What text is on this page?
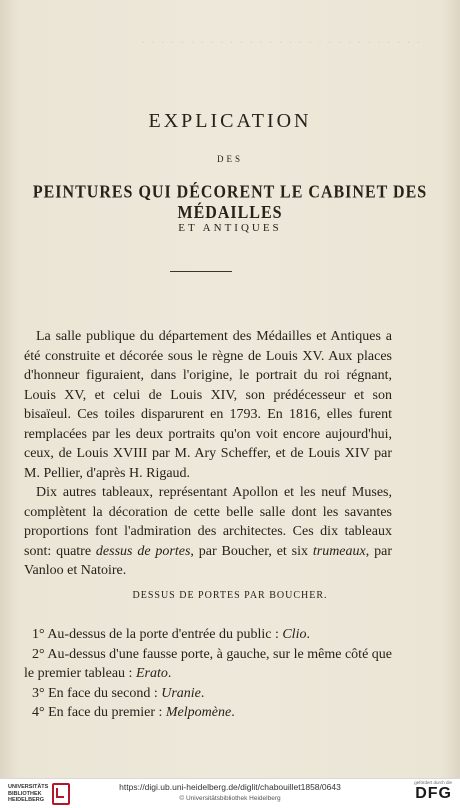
· · · · · · · · · · · · · · · · · · · · · · · · · · · · ·
EXPLICATION
DES
PEINTURES QUI DÉCORENT LE CABINET DES MÉDAILLES
ET ANTIQUES

La salle publique du département des Médailles et Antiques a été construite et décorée sous le règne de Louis XV. Aux places d'honneur figuraient, dans l'origine, le portrait du roi régnant, Louis XV, et celui de Louis XIV, son prédécesseur et son bisaïeul. Ces toiles disparurent en 1793. En 1816, elles furent remplacées par les deux portraits qu'on voit encore aujourd'hui, ceux, de Louis XVIII par M. Ary Scheffer, et de Louis XIV par M. Pellier, d'après H. Rigaud.

Dix autres tableaux, représentant Apollon et les neuf Muses, complètent la décoration de cette belle salle dont les savantes proportions font l'admiration des architectes. Ces dix tableaux sont: quatre dessus de portes, par Boucher, et six trumeaux, par Vanloo et Natoire.

DESSUS DE PORTES PAR BOUCHER.

1° Au-dessus de la porte d'entrée du public : Clio.

2° Au-dessus d'une fausse porte, à gauche, sur le même côté que le premier tableau : Erato.

3° En face du second : Uranie.

4° En face du premier : Melpomène.

UNIVERSITÄTS
BIBLIOTHEK
HEIDELBERG
https://digi.ub.uni-heidelberg.de/diglit/chabouillet1858/0643
© Universitätsbibliothek Heidelberg
gefördert durch die
DFG
